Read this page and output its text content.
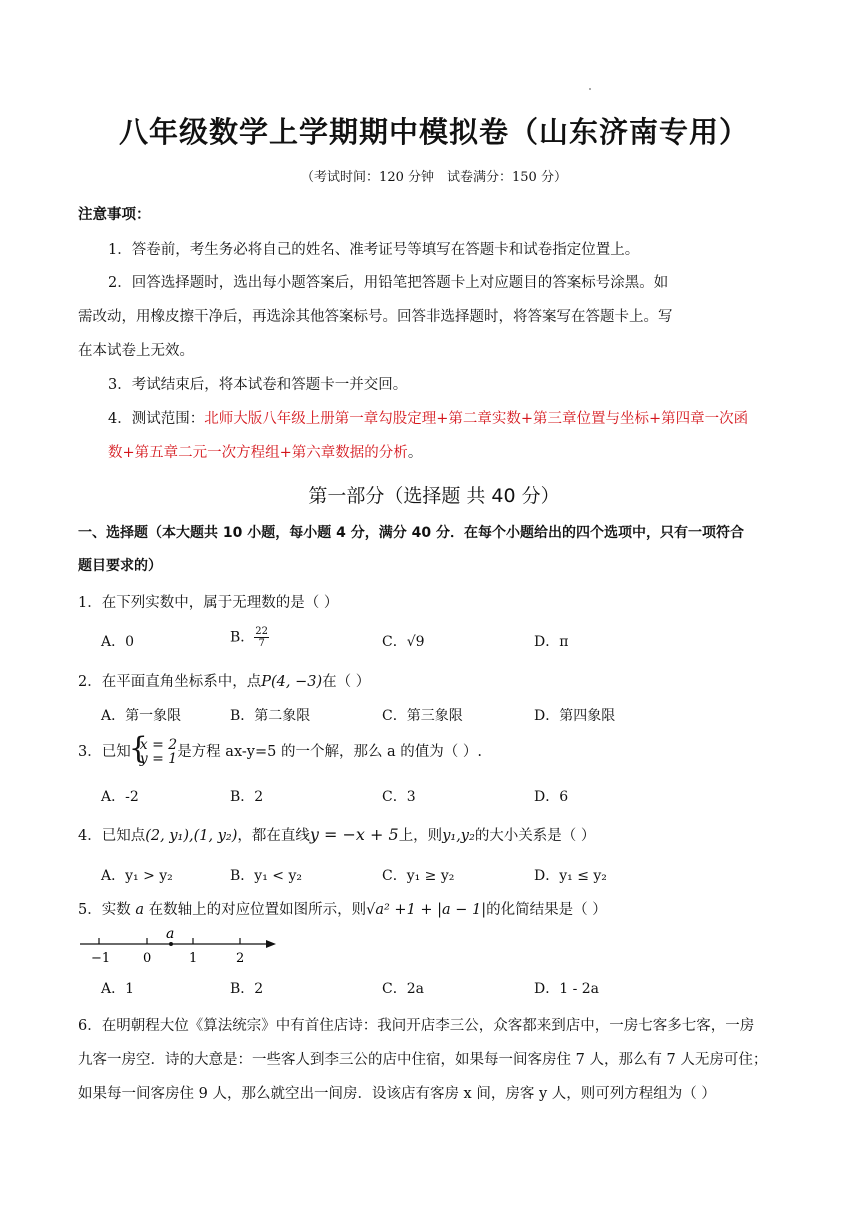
八年级数学上学期期中模拟卷（山东济南专用）
（考试时间：120 分钟　试卷满分：150 分）
注意事项：
1．答卷前，考生务必将自己的姓名、准考证号等填写在答题卡和试卷指定位置上。
2．回答选择题时，选出每小题答案后，用铅笔把答题卡上对应题目的答案标号涂黑。如
需改动，用橡皮擦干净后，再选涂其他答案标号。回答非选择题时，将答案写在答题卡上。写
在本试卷上无效。
3．考试结束后，将本试卷和答题卡一并交回。
4．测试范围：北师大版八年级上册第一章勾股定理+第二章实数+第三章位置与坐标+第四章一次函
数+第五章二元一次方程组+第六章数据的分析。
第一部分（选择题 共 40 分）
一、选择题（本大题共 10 小题，每小题 4 分，满分 40 分．在每个小题给出的四个选项中，只有一项符合
题目要求的）
1．在下列实数中，属于无理数的是（ ）
A．0	B． $\frac{22}{7}$	C．√9	D．π
2．在平面直角坐标系中，点P(4, −3)在（ ）
A．第一象限	B．第二象限	C．第三象限	D．第四象限
3．已知
{ x = 2
y = 1 是方程 ax-y=5 的一个解，那么 a 的值为（ ）.
A．-2	B．2	C．3	D．6
4．已知点(2, y₁),(1, y₂)，都在直线y = −x + 5上，则y₁,y₂的大小关系是（ ）
A．y₁ > y₂	B．y₁ < y₂	C．y₁ ≥ y₂	D．y₁ ≤ y₂
5．实数 a 在数轴上的对应位置如图所示，则√a² +1 + |a − 1|的化简结果是（ ）
a
−1	0	1	2
A．1	B．2	C．2a	D．1 - 2a
6．在明朝程大位《算法统宗》中有首住店诗：我问开店李三公，众客都来到店中，一房七客多七客，一房
九客一房空．诗的大意是：一些客人到李三公的店中住宿，如果每一间客房住 7 人，那么有 7 人无房可住；
如果每一间客房住 9 人，那么就空出一间房．设该店有客房 x 间，房客 y 人，则可列方程组为（ ）
